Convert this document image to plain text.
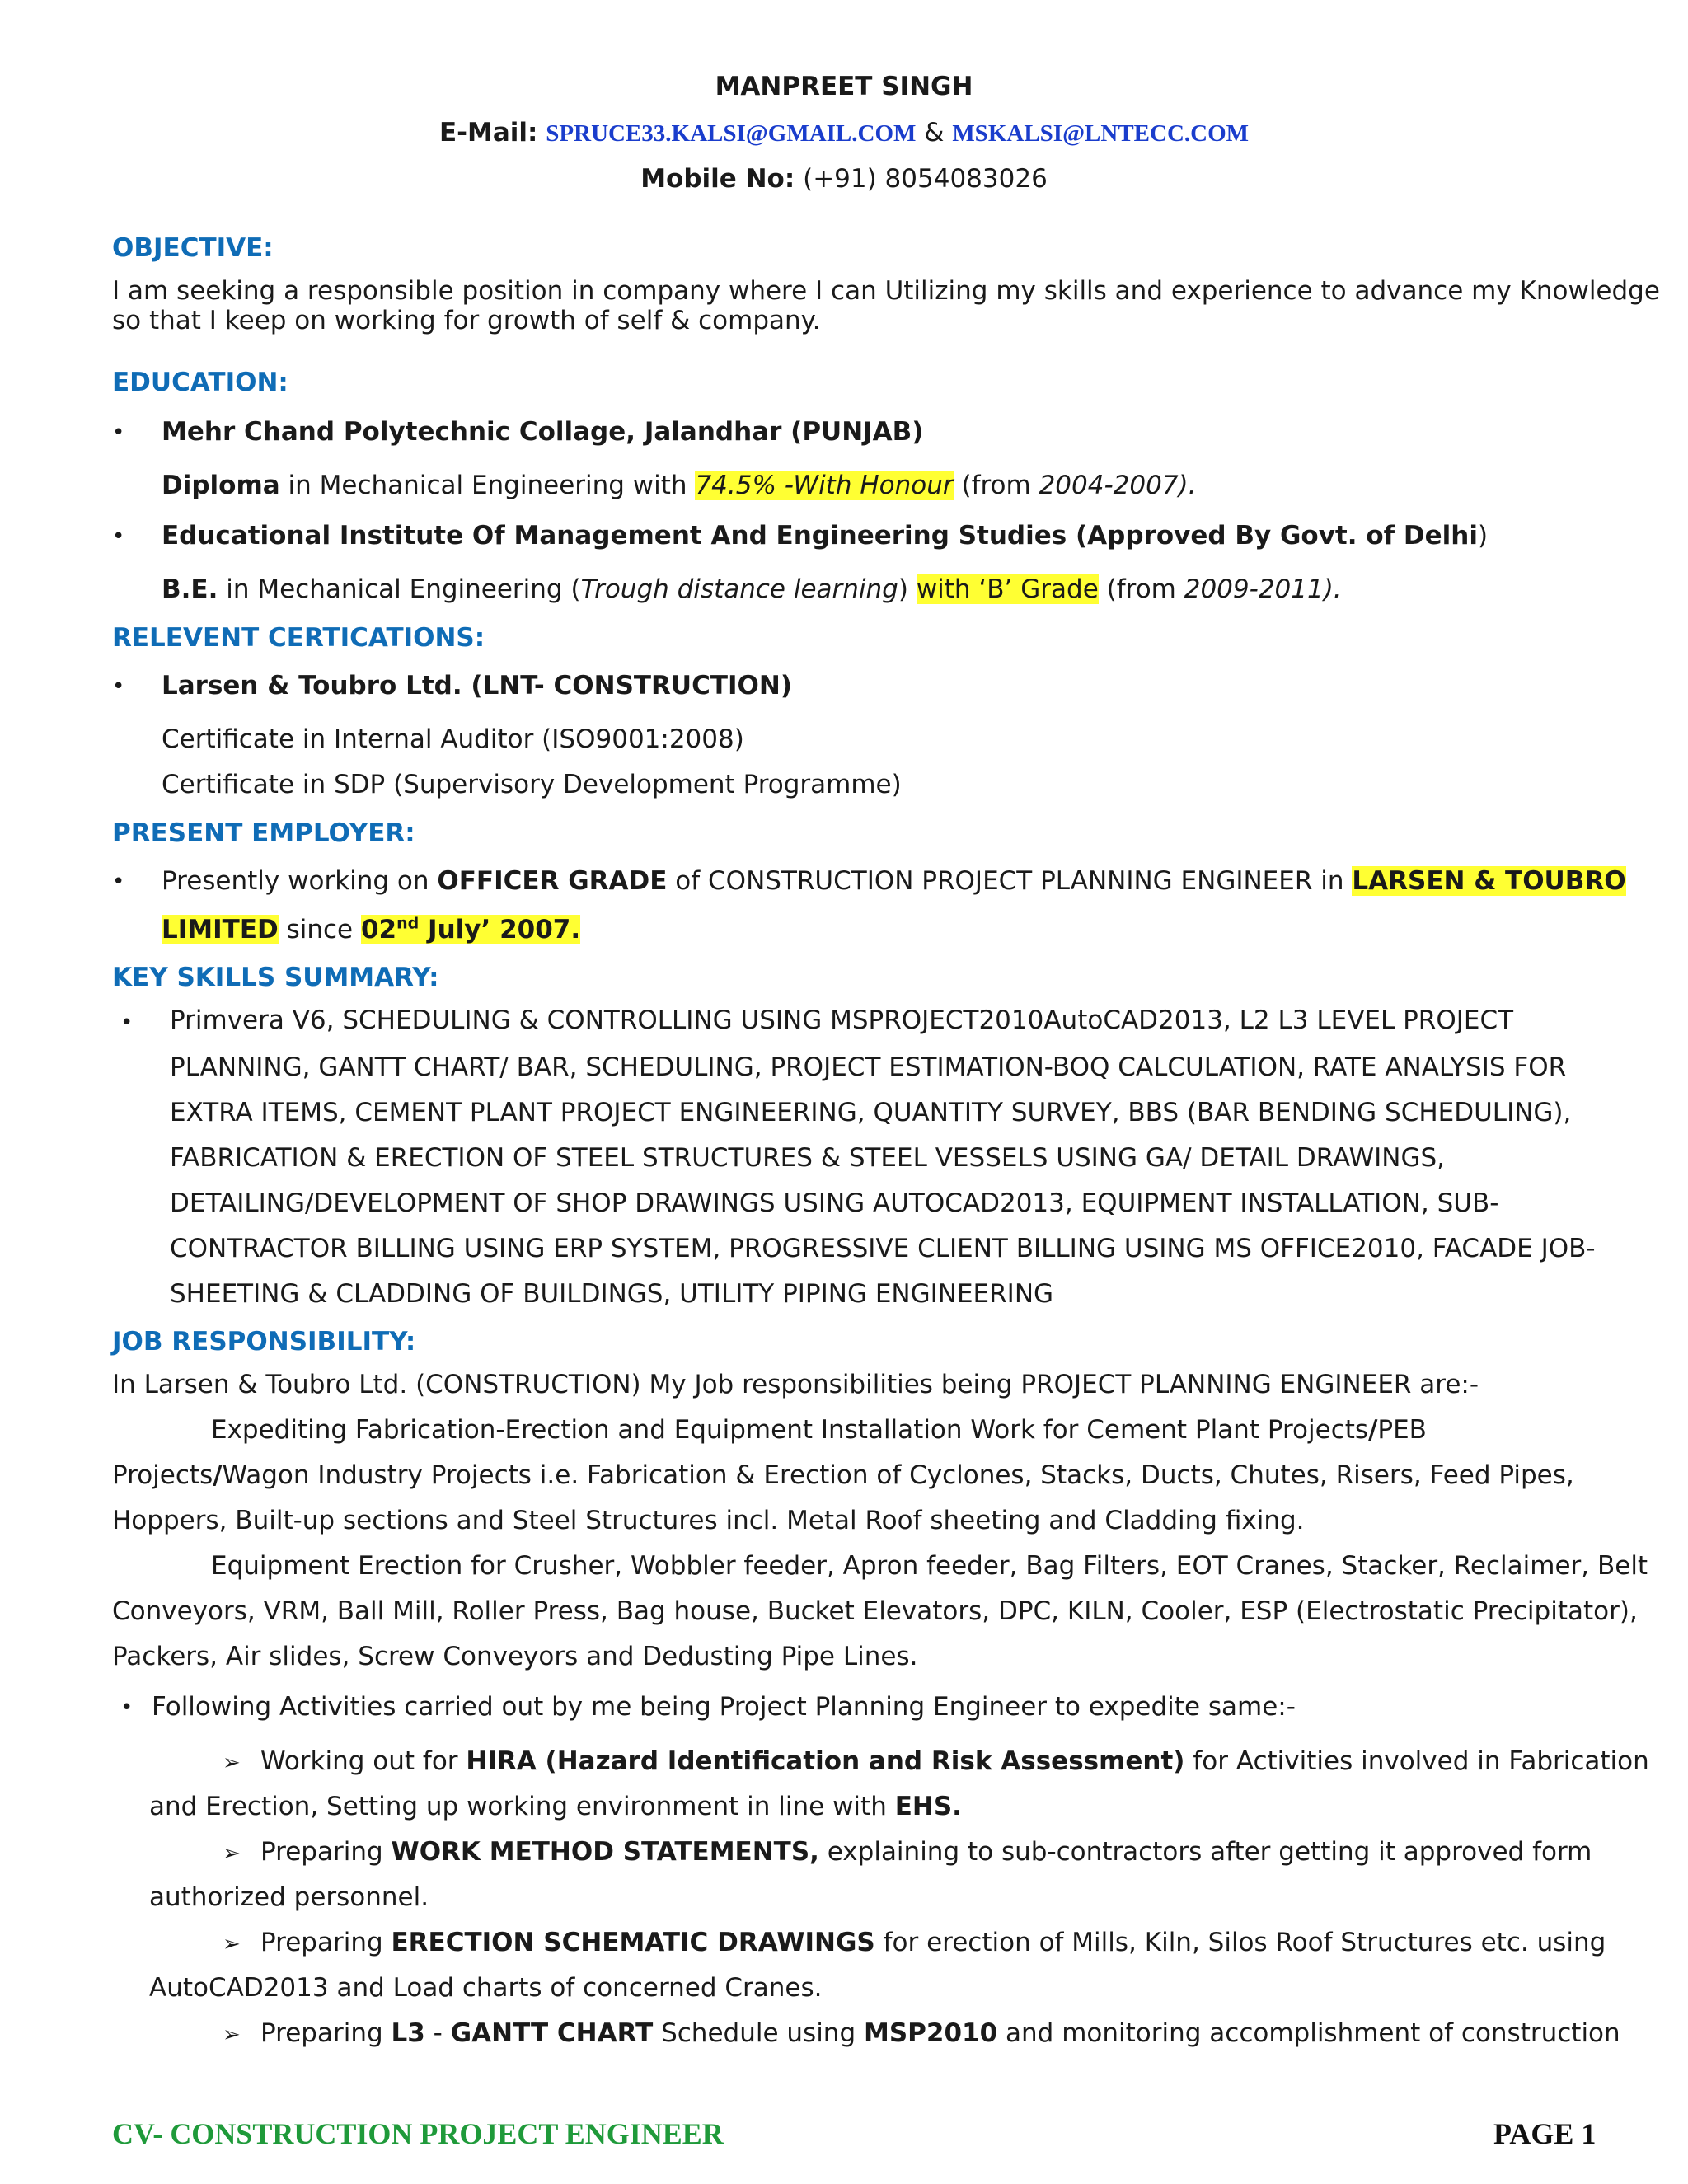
MANPREET SINGH
E-Mail: SPRUCE33.KALSI@GMAIL.COM & MSKALSI@LNTECC.COM
Mobile No: (+91) 8054083026
OBJECTIVE:
I am seeking a responsible position in company where I can Utilizing my skills and experience to advance my Knowledge
so that I keep on working for growth of self & company.
EDUCATION:
• Mehr Chand Polytechnic Collage, Jalandhar (PUNJAB)
Diploma in Mechanical Engineering with 74.5% -With Honour (from 2004-2007).
• Educational Institute Of Management And Engineering Studies (Approved By Govt. of Delhi)
B.E. in Mechanical Engineering (Trough distance learning) with ‘B’ Grade (from 2009-2011).
RELEVENT CERTICATIONS:
• Larsen & Toubro Ltd. (LNT- CONSTRUCTION)
Certificate in Internal Auditor (ISO9001:2008)
Certificate in SDP (Supervisory Development Programme)
PRESENT EMPLOYER:
• Presently working on OFFICER GRADE of CONSTRUCTION PROJECT PLANNING ENGINEER in LARSEN & TOUBRO
LIMITED since 02nd July’ 2007.
KEY SKILLS SUMMARY:
• Primvera V6, SCHEDULING & CONTROLLING USING MSPROJECT2010AutoCAD2013, L2 L3 LEVEL PROJECT
PLANNING, GANTT CHART/ BAR, SCHEDULING, PROJECT ESTIMATION-BOQ CALCULATION, RATE ANALYSIS FOR
EXTRA ITEMS, CEMENT PLANT PROJECT ENGINEERING, QUANTITY SURVEY, BBS (BAR BENDING SCHEDULING),
FABRICATION & ERECTION OF STEEL STRUCTURES & STEEL VESSELS USING GA/ DETAIL DRAWINGS,
DETAILING/DEVELOPMENT OF SHOP DRAWINGS USING AUTOCAD2013, EQUIPMENT INSTALLATION, SUB-
CONTRACTOR BILLING USING ERP SYSTEM, PROGRESSIVE CLIENT BILLING USING MS OFFICE2010, FACADE JOB-
SHEETING & CLADDING OF BUILDINGS, UTILITY PIPING ENGINEERING
JOB RESPONSIBILITY:
In Larsen & Toubro Ltd. (CONSTRUCTION) My Job responsibilities being PROJECT PLANNING ENGINEER are:-
Expediting Fabrication-Erection and Equipment Installation Work for Cement Plant Projects/PEB
Projects/Wagon Industry Projects i.e. Fabrication & Erection of Cyclones, Stacks, Ducts, Chutes, Risers, Feed Pipes,
Hoppers, Built-up sections and Steel Structures incl. Metal Roof sheeting and Cladding fixing.
Equipment Erection for Crusher, Wobbler feeder, Apron feeder, Bag Filters, EOT Cranes, Stacker, Reclaimer, Belt
Conveyors, VRM, Ball Mill, Roller Press, Bag house, Bucket Elevators, DPC, KILN, Cooler, ESP (Electrostatic Precipitator),
Packers, Air slides, Screw Conveyors and Dedusting Pipe Lines.
• Following Activities carried out by me being Project Planning Engineer to expedite same:-
➢ Working out for HIRA (Hazard Identification and Risk Assessment) for Activities involved in Fabrication
and Erection, Setting up working environment in line with EHS.
➢ Preparing WORK METHOD STATEMENTS, explaining to sub-contractors after getting it approved form
authorized personnel.
➢ Preparing ERECTION SCHEMATIC DRAWINGS for erection of Mills, Kiln, Silos Roof Structures etc. using
AutoCAD2013 and Load charts of concerned Cranes.
➢ Preparing L3 - GANTT CHART Schedule using MSP2010 and monitoring accomplishment of construction
CV- CONSTRUCTION PROJECT ENGINEER	PAGE 1
